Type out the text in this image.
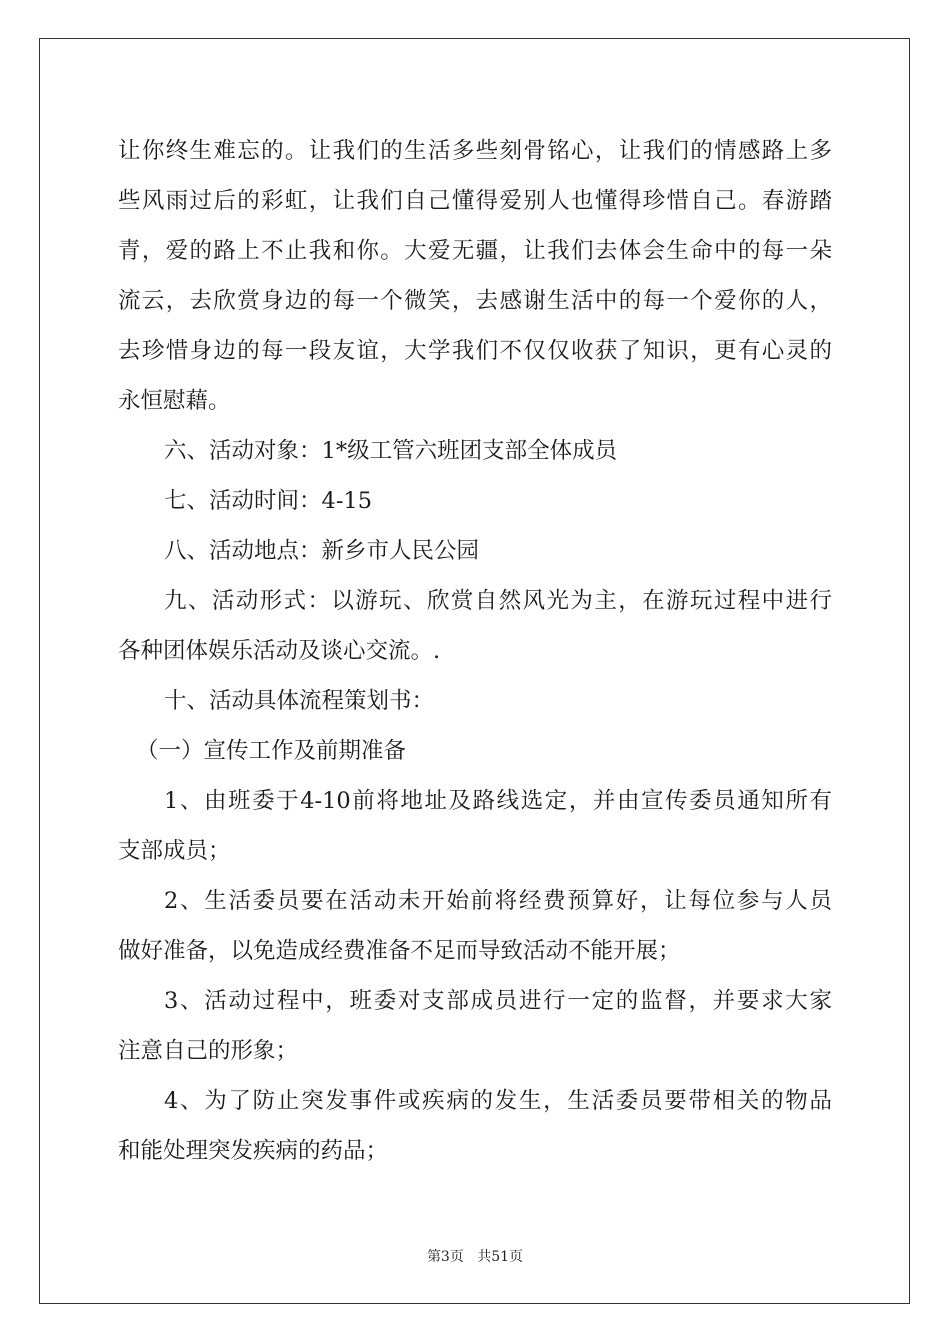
让你终生难忘的。让我们的生活多些刻骨铭心，让我们的情感路上多
些风雨过后的彩虹，让我们自己懂得爱别人也懂得珍惜自己。春游踏
青，爱的路上不止我和你。大爱无疆，让我们去体会生命中的每一朵
流云，去欣赏身边的每一个微笑，去感谢生活中的每一个爱你的人，
去珍惜身边的每一段友谊，大学我们不仅仅收获了知识，更有心灵的
永恒慰藉。
六、活动对象：1*级工管六班团支部全体成员
七、活动时间：4-15
八、活动地点：新乡市人民公园
九、活动形式：以游玩、欣赏自然风光为主，在游玩过程中进行
各种团体娱乐活动及谈心交流。.
十、活动具体流程策划书：
（一）宣传工作及前期准备
1、由班委于4-10前将地址及路线选定，并由宣传委员通知所有
支部成员；
2、生活委员要在活动未开始前将经费预算好，让每位参与人员
做好准备，以免造成经费准备不足而导致活动不能开展；
3、活动过程中，班委对支部成员进行一定的监督，并要求大家
注意自己的形象；
4、为了防止突发事件或疾病的发生，生活委员要带相关的物品
和能处理突发疾病的药品；
第3页 共51页
